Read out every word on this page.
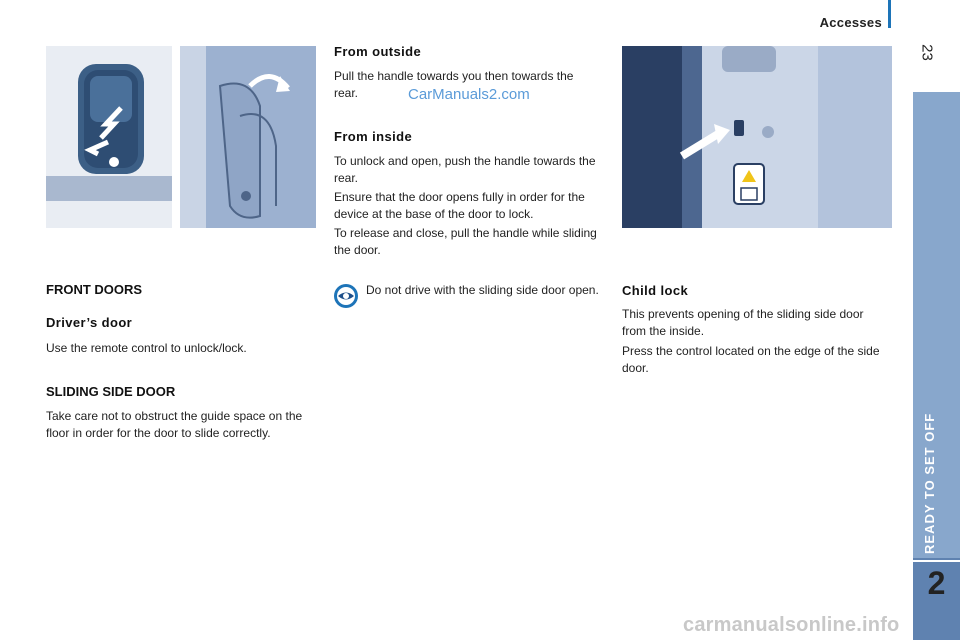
Accesses
23
READY TO SET OFF
2
FRONT DOORS
Driver’s door
Use the remote control to unlock/lock.
SLIDING SIDE DOOR
Take care not to obstruct the guide space on the floor in order for the door to slide correctly.
From outside
Pull the handle towards you then towards the rear.	CarManuals2.com
From inside
To unlock and open, push the handle towards the rear.
Ensure that the door opens fully in order for the device at the base of the door to lock.
To release and close, pull the handle while sliding the door.
Do not drive with the sliding side door open. Child lock
This prevents opening of the sliding side door from the inside.
Press the control located on the edge of the side door.
carmanualsonline.info
